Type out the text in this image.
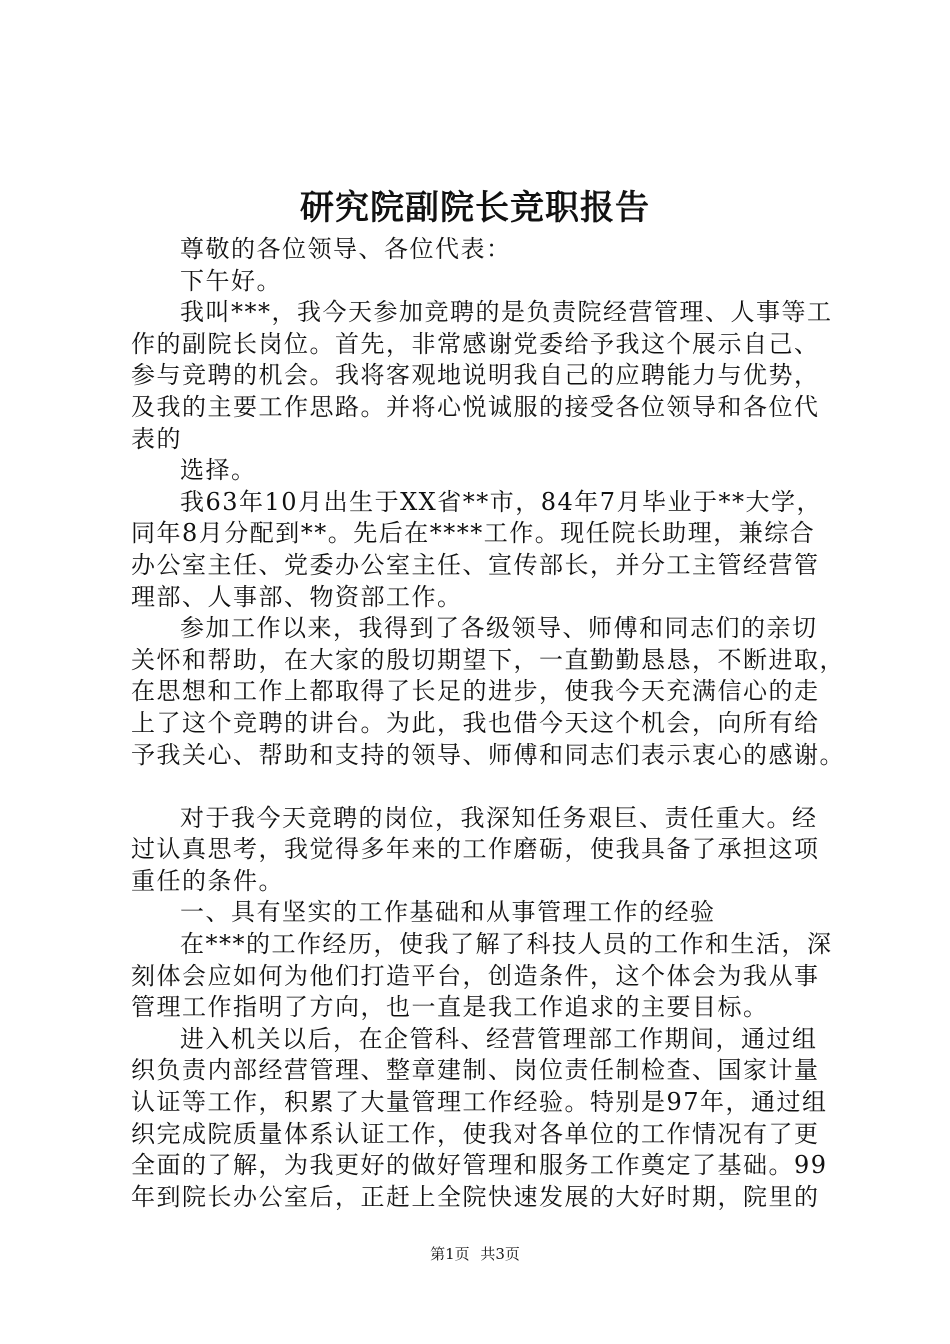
研究院副院长竞职报告
尊敬的各位领导、各位代表：
下午好。
我叫***，我今天参加竞聘的是负责院经营管理、人事等工
作的副院长岗位。首先，非常感谢党委给予我这个展示自己、
参与竞聘的机会。我将客观地说明我自己的应聘能力与优势，
及我的主要工作思路。并将心悦诚服的接受各位领导和各位代
表的
选择。
我63年10月出生于XX省**市，84年7月毕业于**大学，
同年8月分配到**。先后在****工作。现任院长助理，兼综合
办公室主任、党委办公室主任、宣传部长，并分工主管经营管
理部、人事部、物资部工作。
参加工作以来，我得到了各级领导、师傅和同志们的亲切
关怀和帮助，在大家的殷切期望下，一直勤勤恳恳，不断进取，
在思想和工作上都取得了长足的进步，使我今天充满信心的走
上了这个竞聘的讲台。为此，我也借今天这个机会，向所有给
予我关心、帮助和支持的领导、师傅和同志们表示衷心的感谢。
对于我今天竞聘的岗位，我深知任务艰巨、责任重大。经
过认真思考，我觉得多年来的工作磨砺，使我具备了承担这项
重任的条件。
一、具有坚实的工作基础和从事管理工作的经验
在***的工作经历，使我了解了科技人员的工作和生活，深
刻体会应如何为他们打造平台，创造条件，这个体会为我从事
管理工作指明了方向，也一直是我工作追求的主要目标。
进入机关以后，在企管科、经营管理部工作期间，通过组
织负责内部经营管理、整章建制、岗位责任制检查、国家计量
认证等工作，积累了大量管理工作经验。特别是97年，通过组
织完成院质量体系认证工作，使我对各单位的工作情况有了更
全面的了解，为我更好的做好管理和服务工作奠定了基础。99
年到院长办公室后，正赶上全院快速发展的大好时期，院里的
第1页 共3页
